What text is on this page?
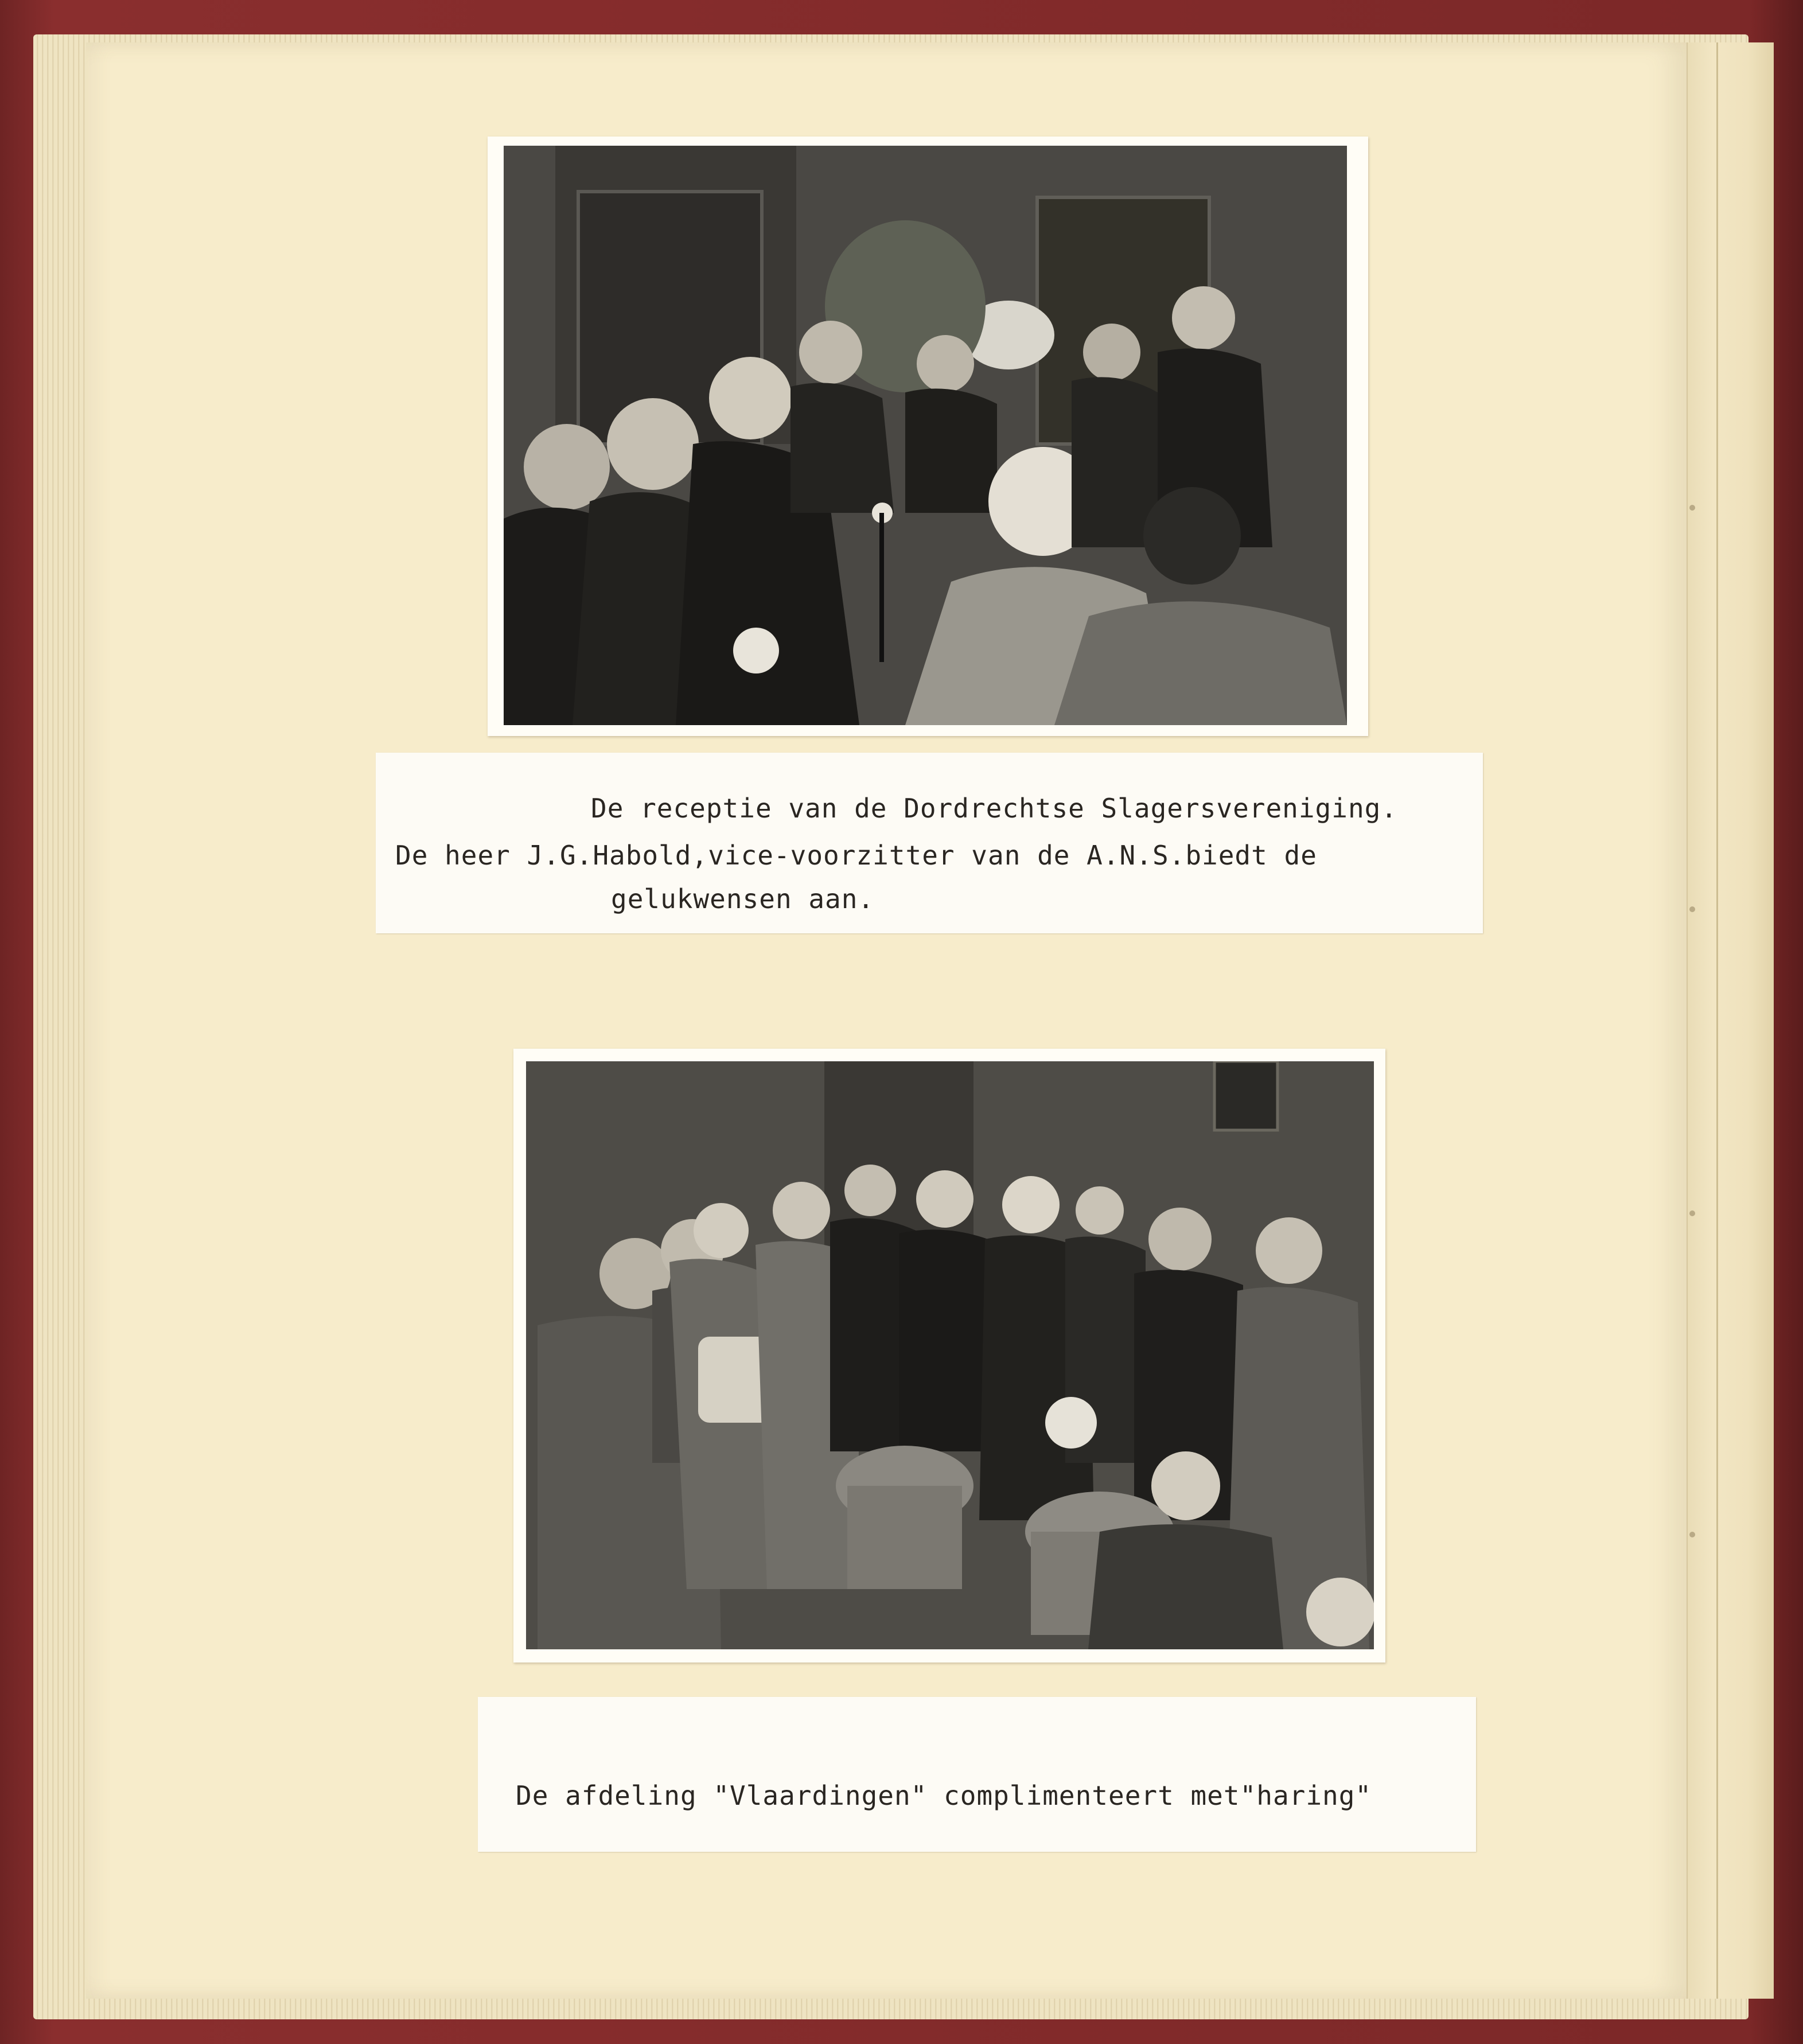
De receptie van de Dordrechtse Slagersvereniging.
De heer J.G.Habold,vice-voorzitter van de A.N.S.biedt de
gelukwensen aan.
De afdeling "Vlaardingen" complimenteert met"haring"
